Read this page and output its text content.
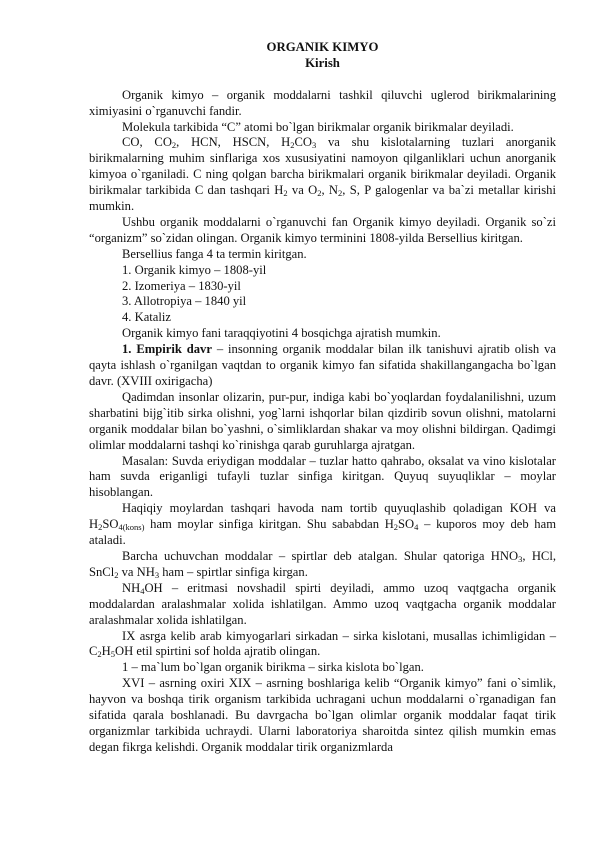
ORGANIK KIMYO
Kirish

Organik kimyo – organik moddalarni tashkil qiluvchi uglerod birikmalarining ximiyasini o`rganuvchi fandir.

Molekula tarkibida “C” atomi bo`lgan birikmalar organik birikmalar deyiladi.

CO, $CO_2$, HCN, HSCN, $H_2CO_3$ va shu kislotalarning tuzlari anorganik birikmalarning muhim sinflariga xos xususiyatini namoyon qilganliklari uchun anorganik kimyoa o`rganiladi. C ning qolgan barcha birikmalari organik birikmalar deyiladi. Organik birikmalar tarkibida C dan tashqari $H_2$ va $O_2$, $N_2$, S, P galogenlar va ba`zi metallar kirishi mumkin.

Ushbu organik moddalarni o`rganuvchi fan Organik kimyo deyiladi. Organik so`zi “organizm” so`zidan olingan. Organik kimyo terminini 1808-yilda Bersellius kiritgan.

Bersellius fanga 4 ta termin kiritgan.

1. Organik kimyo – 1808-yil

2. Izomeriya – 1830-yil

3. Allotropiya – 1840 yil

4. Kataliz

Organik kimyo fani taraqqiyotini 4 bosqichga ajratish mumkin.

1. Empirik davr – insonning organik moddalar bilan ilk tanishuvi ajratib olish va qayta ishlash o`rganilgan vaqtdan to organik kimyo fan sifatida shakillangangacha bo`lgan davr. (XVIII oxirigacha)

Qadimdan insonlar olizarin, pur-pur, indiga kabi bo`yoqlardan foydalanilishni, uzum sharbatini bijg`itib sirka olishni, yog`larni ishqorlar bilan qizdirib sovun olishni, matolarni organik moddalar bilan bo`yashni, o`simliklardan shakar va moy olishni bildirgan. Qadimgi olimlar moddalarni tashqi ko`rinishga qarab guruhlarga ajratgan.

Masalan: Suvda eriydigan moddalar – tuzlar hatto qahrabo, oksalat va vino kislotalar ham suvda eriganligi tufayli tuzlar sinfiga kiritgan. Quyuq suyuqliklar – moylar hisoblangan.

Haqiqiy moylardan tashqari havoda nam tortib quyuqlashib qoladigan KOH va $H_2SO_{4(kons)}$ ham moylar sinfiga kiritgan. Shu sababdan $H_2SO_4$ – kuporos moy deb ham ataladi.

Barcha uchuvchan moddalar – spirtlar deb atalgan. Shular qatoriga $HNO_3$, HCl, SnCl$_2$ va $NH_3$ ham – spirtlar sinfiga kirgan.

$NH_4OH$ – eritmasi novshadil spirti deyiladi, ammo uzoq vaqtgacha organik moddalardan aralashmalar xolida ishlatilgan. Ammo uzoq vaqtgacha organik moddalar aralashmalar xolida ishlatilgan.

IX asrga kelib arab kimyogarlari sirkadan – sirka kislotani, musallas ichimligidan – $C_2H_5OH$ etil spirtini sof holda ajratib olingan.

1 – ma`lum bo`lgan organik birikma – sirka kislota bo`lgan.

XVI – asrning oxiri XIX – asrning boshlariga kelib “Organik kimyo” fani o`simlik, hayvon va boshqa tirik organism tarkibida uchragani uchun moddalarni o`rganadigan fan sifatida qarala boshlanadi. Bu davrgacha bo`lgan olimlar organik moddalar faqat tirik organizmlar tarkibida uchraydi. Ularni laboratoriya sharoitda sintez qilish mumkin emas degan fikrga kelishdi. Organik moddalar tirik organizmlarda
